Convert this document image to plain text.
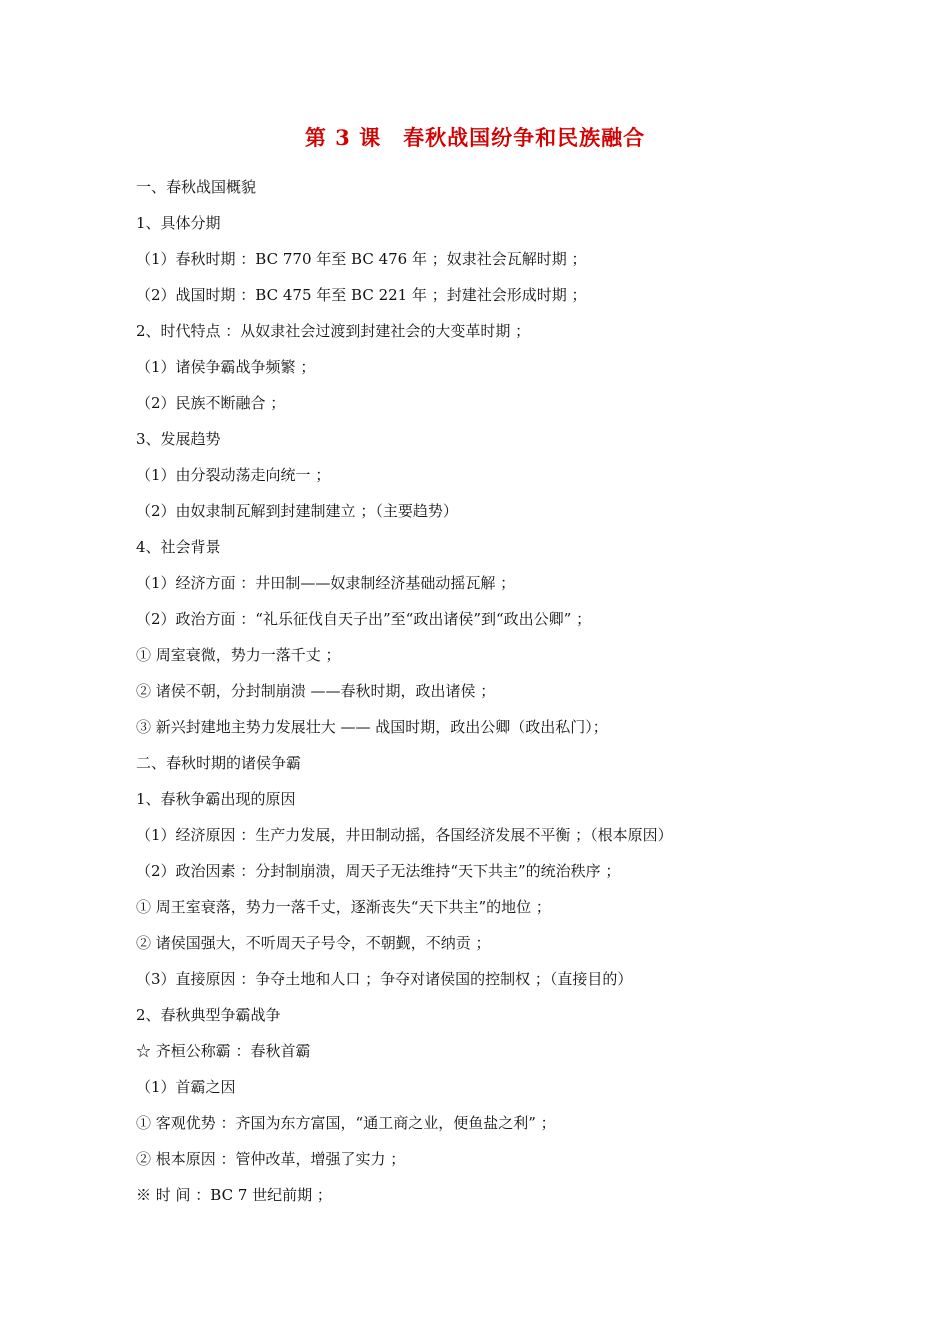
第 3 课　春秋战国纷争和民族融合
一、春秋战国概貌
1、具体分期
（1）春秋时期 ：BC 770 年至 BC 476 年 ；奴隶社会瓦解时期 ；
（2）战国时期 ：BC 475 年至 BC 221 年 ；封建社会形成时期 ；
2、时代特点 ：从奴隶社会过渡到封建社会的大变革时期 ；
（1）诸侯争霸战争频繁 ；
（2）民族不断融合 ；
3、发展趋势
（1）由分裂动荡走向统一 ；
（2）由奴隶制瓦解到封建制建立 ；（主要趋势）
4、社会背景
（1）经济方面 ：井田制——奴隶制经济基础动摇瓦解 ；
（2）政治方面 ：“礼乐征伐自天子出”至“政出诸侯”到“政出公卿” ；
① 周室衰微，势力一落千丈 ；
② 诸侯不朝，分封制崩溃 ——春秋时期，政出诸侯 ；
③ 新兴封建地主势力发展壮大 —— 战国时期，政出公卿（政出私门）；
二、春秋时期的诸侯争霸
1、春秋争霸出现的原因
（1）经济原因 ：生产力发展，井田制动摇，各国经济发展不平衡 ；（根本原因）
（2）政治因素 ：分封制崩溃，周天子无法维持“天下共主”的统治秩序 ；
① 周王室衰落，势力一落千丈，逐渐丧失“天下共主”的地位 ；
② 诸侯国强大，不听周天子号令，不朝觐，不纳贡 ；
（3）直接原因 ：争夺土地和人口 ；争夺对诸侯国的控制权 ；（直接目的）
2、春秋典型争霸战争
☆ 齐桓公称霸 ：春秋首霸
（1）首霸之因
① 客观优势 ：齐国为东方富国，“通工商之业，便鱼盐之利” ；
② 根本原因 ：管仲改革，增强了实力 ；
※ 时 间 ：BC 7 世纪前期 ；
